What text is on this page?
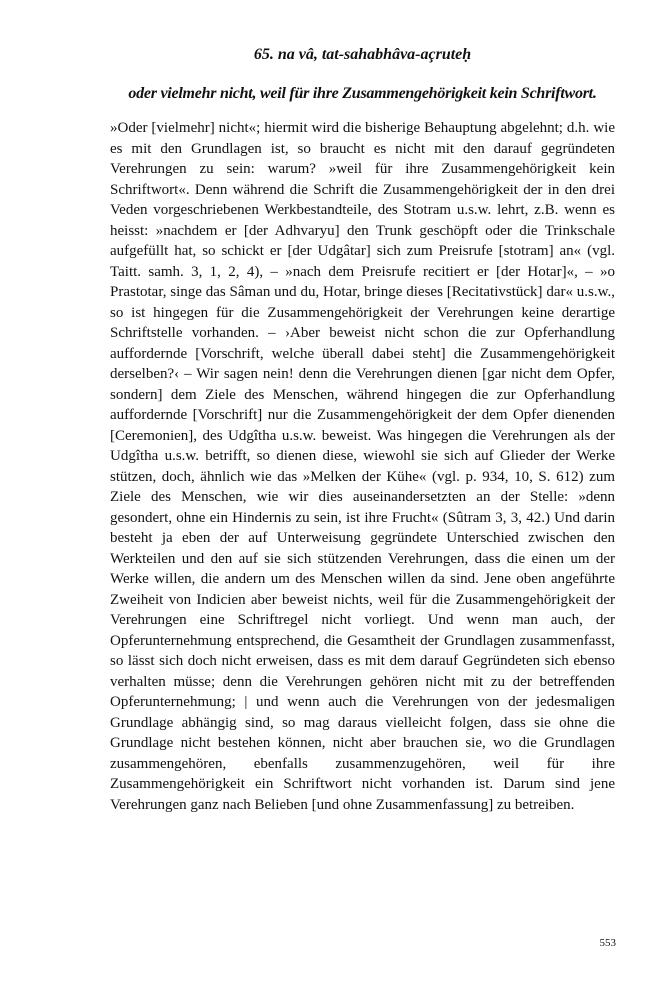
65. na vâ, tat-sahabhâva-açruteḥ
oder vielmehr nicht, weil für ihre Zusammengehörigkeit kein Schriftwort.

»Oder [vielmehr] nicht«; hiermit wird die bisherige Behauptung abgelehnt; d.h. wie es mit den Grundlagen ist, so braucht es nicht mit den darauf gegründeten Verehrungen zu sein: warum? »weil für ihre Zusammengehörigkeit kein Schriftwort«. Denn während die Schrift die Zusammengehörigkeit der in den drei Veden vorgeschriebenen Werkbestandteile, des Stotram u.s.w. lehrt, z.B. wenn es heisst: »nachdem er [der Adhvaryu] den Trunk geschöpft oder die Trinkschale aufgefüllt hat, so schickt er [der Udgâtar] sich zum Preisrufe [stotram] an« (vgl. Taitt. samh. 3, 1, 2, 4), – »nach dem Preisrufe recitiert er [der Hotar]«, – »o Prastotar, singe das Sâman und du, Hotar, bringe dieses [Recitativstück] dar« u.s.w., so ist hingegen für die Zusammengehörigkeit der Verehrungen keine derartige Schriftstelle vorhanden. – ›Aber beweist nicht schon die zur Opferhandlung auffordernde [Vorschrift, welche überall dabei steht] die Zusammengehörigkeit derselben?‹ – Wir sagen nein! denn die Verehrungen dienen [gar nicht dem Opfer, sondern] dem Ziele des Menschen, während hingegen die zur Opferhandlung auffordernde [Vorschrift] nur die Zusammengehörigkeit der dem Opfer dienenden [Ceremonien], des Udgîtha u.s.w. beweist. Was hingegen die Verehrungen als der Udgîtha u.s.w. betrifft, so dienen diese, wiewohl sie sich auf Glieder der Werke stützen, doch, ähnlich wie das »Melken der Kühe« (vgl. p. 934, 10, S. 612) zum Ziele des Menschen, wie wir dies auseinandersetzten an der Stelle: »denn gesondert, ohne ein Hindernis zu sein, ist ihre Frucht« (Sûtram 3, 3, 42.) Und darin besteht ja eben der auf Unterweisung gegründete Unterschied zwischen den Werkteilen und den auf sie sich stützenden Verehrungen, dass die einen um der Werke willen, die andern um des Menschen willen da sind. Jene oben angeführte Zweiheit von Indicien aber beweist nichts, weil für die Zusammengehörigkeit der Verehrungen eine Schriftregel nicht vorliegt. Und wenn man auch, der Opferunternehmung entsprechend, die Gesamtheit der Grundlagen zusammenfasst, so lässt sich doch nicht erweisen, dass es mit dem darauf Gegründeten sich ebenso verhalten müsse; denn die Verehrungen gehören nicht mit zu der betreffenden Opferunternehmung; | und wenn auch die Verehrungen von der jedesmaligen Grundlage abhängig sind, so mag daraus vielleicht folgen, dass sie ohne die Grundlage nicht bestehen können, nicht aber brauchen sie, wo die Grundlagen zusammengehören, ebenfalls zusammenzugehören, weil für ihre Zusammengehörigkeit ein Schriftwort nicht vorhanden ist. Darum sind jene Verehrungen ganz nach Belieben [und ohne Zusammenfassung] zu betreiben.

553
